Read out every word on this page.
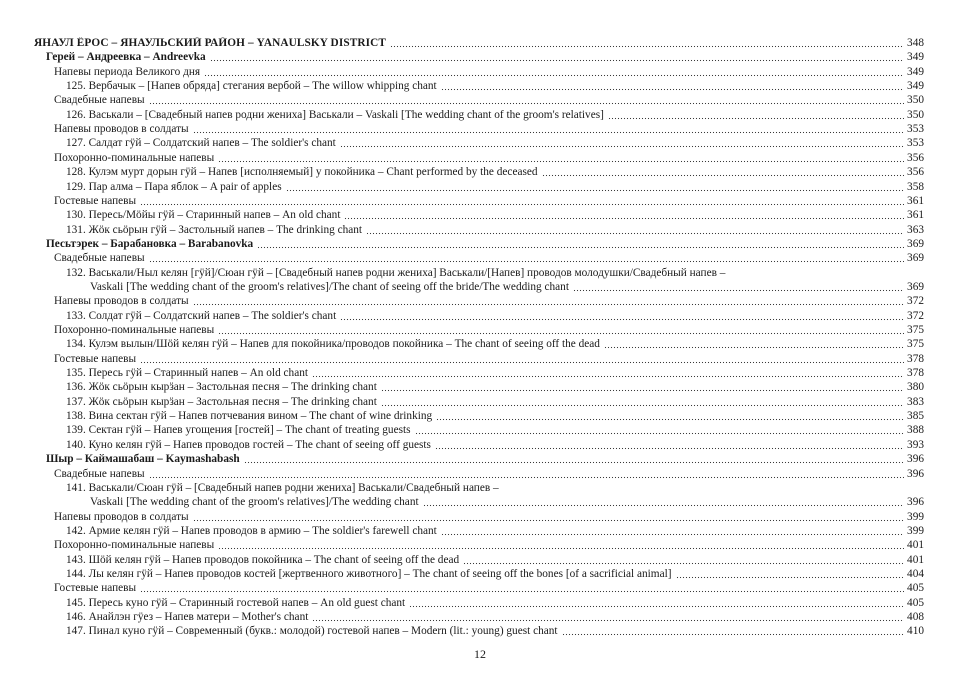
ЯНАУЛ ЁРОС – ЯНАУЛЬСКИЙ РАЙОН – YANAULSKY DISTRICT	348
Герей – Андреевка – Andreevka	349
Напевы периода Великого дня	349
125. Вербачык – [Напев обряда] стегания вербой – The willow whipping chant	349
Свадебные напевы	350
126. Васькали – [Свадебный напев родни жениха] Васькали – Vaskali [The wedding chant of the groom's relatives]	350
Напевы проводов в солдаты	353
127. Салдат гӱй – Солдатский напев – The soldier's chant	353
Похоронно-поминальные напевы	356
128. Кулэм мурт дорын гӱй – Напев [исполняемый] у покойника – Chant performed by the deceased	356
129. Пар алма – Пара яблок – A pair of apples	358
Гостевые напевы	361
130. Пересь/Мӧйы гӱй – Старинный напев – An old chant	361
131. Жӧк сьӧрын гӱй – Застольный напев – The drinking chant	363
Песьтэрек – Барабановка – Barabanovka	369
Свадебные напевы	369
132. Васькали/Ныл келян [гӱй]/Сюан гӱй – [Свадебный напев родни жениха] Васькали/[Напев] проводов молодушки/Свадебный напев –
Vaskali [The wedding chant of the groom's relatives]/The chant of seeing off the bride/The wedding chant	369
Напевы проводов в солдаты	372
133. Солдат гӱй – Солдатский напев – The soldier's chant	372
Похоронно-поминальные напевы	375
134. Кулэм вылын/Шӧй келян гӱй – Напев для покойника/проводов покойника – The chant of seeing off the dead	375
Гостевые напевы	378
135. Пересь гӱй – Старинный напев – An old chant	378
136. Жӧк сьӧрын кырӟан – Застольная песня – The drinking chant	380
137. Жӧк сьӧрын кырӟан – Застольная песня – The drinking chant	383
138. Вина сектан гӱй – Напев потчевания вином – The chant of wine drinking	385
139. Сектан гӱй – Напев угощения [гостей] – The chant of treating guests	388
140. Куно келян гӱй – Напев проводов гостей – The chant of seeing off guests	393
Шыр – Каймашабаш – Kaymashabash	396
Свадебные напевы	396
141. Васькали/Сюан гӱй – [Свадебный напев родни жениха] Васькали/Свадебный напев –
Vaskali [The wedding chant of the groom's relatives]/The wedding chant	396
Напевы проводов в солдаты	399
142. Армие келян гӱй – Напев проводов в армию – The soldier's farewell chant	399
Похоронно-поминальные напевы	401
143. Шӧй келян гӱй – Напев проводов покойника – The chant of seeing off the dead	401
144. Лы келян гӱй – Напев проводов костей [жертвенного животного] – The chant of seeing off the bones [of a sacrificial animal]	404
Гостевые напевы	405
145. Пересь куно гӱй – Старинный гостевой напев – An old guest chant	405
146. Анайлэн гӱез – Напев матери – Mother's chant	408
147. Пинал куно гӱй – Современный (букв.: молодой) гостевой напев – Modern (lit.: young) guest chant	410
12
